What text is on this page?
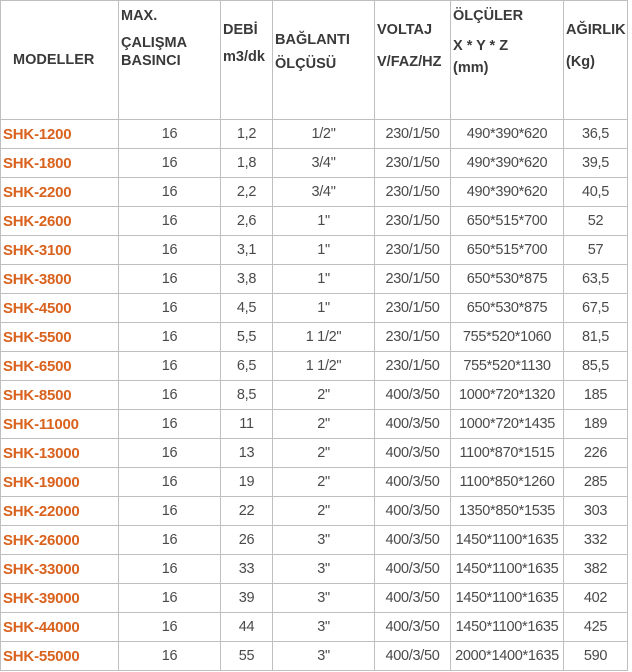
MODELLER	MAX.
ÇALIŞMA
BASINCI	DEBİ
m3/dk	BAĞLANTI
ÖLÇÜSÜ	VOLTAJ
V/FAZ/HZ	ÖLÇÜLER
X * Y * Z
(mm)	AĞIRLIK
(Kg)

SHK-1200	16	1,2	1/2"	230/1/50	490*390*620	36,5
SHK-1800	16	1,8	3/4"	230/1/50	490*390*620	39,5
SHK-2200	16	2,2	3/4"	230/1/50	490*390*620	40,5
SHK-2600	16	2,6	1"	230/1/50	650*515*700	52
SHK-3100	16	3,1	1"	230/1/50	650*515*700	57
SHK-3800	16	3,8	1"	230/1/50	650*530*875	63,5
SHK-4500	16	4,5	1"	230/1/50	650*530*875	67,5
SHK-5500	16	5,5	1 1/2"	230/1/50	755*520*1060	81,5
SHK-6500	16	6,5	1 1/2"	230/1/50	755*520*1130	85,5
SHK-8500	16	8,5	2"	400/3/50	1000*720*1320	185
SHK-11000	16	11	2"	400/3/50	1000*720*1435	189
SHK-13000	16	13	2"	400/3/50	1100*870*1515	226
SHK-19000	16	19	2"	400/3/50	1100*850*1260	285
SHK-22000	16	22	2"	400/3/50	1350*850*1535	303
SHK-26000	16	26	3"	400/3/50	1450*1100*1635	332
SHK-33000	16	33	3"	400/3/50	1450*1100*1635	382
SHK-39000	16	39	3"	400/3/50	1450*1100*1635	402
SHK-44000	16	44	3"	400/3/50	1450*1100*1635	425
SHK-55000	16	55	3"	400/3/50	2000*1400*1635	590
